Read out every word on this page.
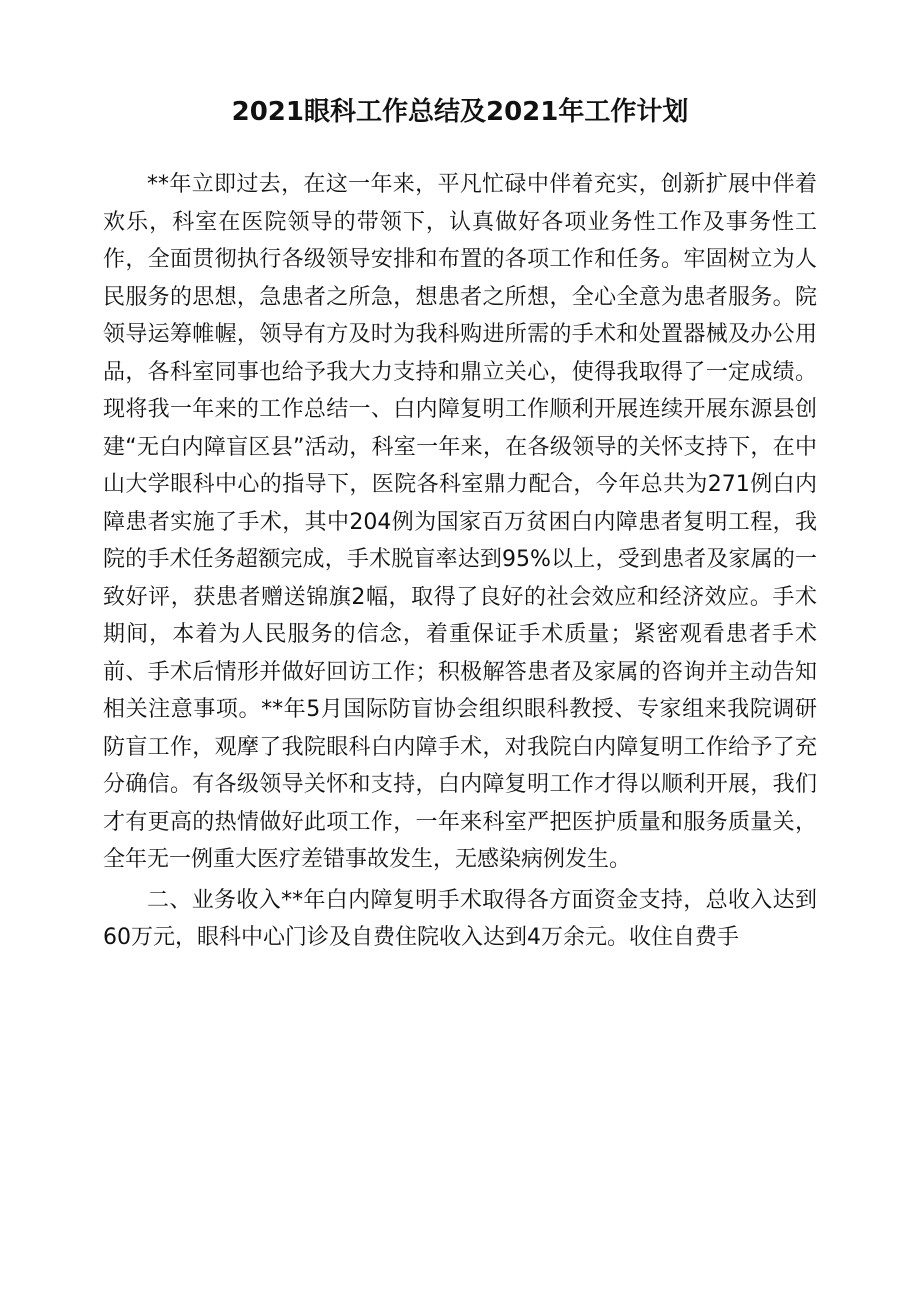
2021眼科工作总结及2021年工作计划

**年立即过去，在这一年来，平凡忙碌中伴着充实，创新扩展中伴着欢乐，科室在医院领导的带领下，认真做好各项业务性工作及事务性工作，全面贯彻执行各级领导安排和布置的各项工作和任务。牢固树立为人民服务的思想，急患者之所急，想患者之所想，全心全意为患者服务。院领导运筹帷幄，领导有方及时为我科购进所需的手术和处置器械及办公用品，各科室同事也给予我大力支持和鼎立关心，使得我取得了一定成绩。现将我一年来的工作总结一、白内障复明工作顺利开展连续开展东源县创建“无白内障盲区县”活动，科室一年来，在各级领导的关怀支持下，在中山大学眼科中心的指导下，医院各科室鼎力配合，今年总共为271例白内障患者实施了手术，其中204例为国家百万贫困白内障患者复明工程，我院的手术任务超额完成，手术脱盲率达到95%以上，受到患者及家属的一致好评，获患者赠送锦旗2幅，取得了良好的社会效应和经济效应。手术期间，本着为人民服务的信念，着重保证手术质量；紧密观看患者手术前、手术后情形并做好回访工作；积极解答患者及家属的咨询并主动告知相关注意事项。**年5月国际防盲协会组织眼科教授、专家组来我院调研防盲工作，观摩了我院眼科白内障手术，对我院白内障复明工作给予了充分确信。有各级领导关怀和支持，白内障复明工作才得以顺利开展，我们才有更高的热情做好此项工作，一年来科室严把医护质量和服务质量关，全年无一例重大医疗差错事故发生，无感染病例发生。

二、业务收入**年白内障复明手术取得各方面资金支持，总收入达到60万元，眼科中心门诊及自费住院收入达到4万余元。收住自费手
